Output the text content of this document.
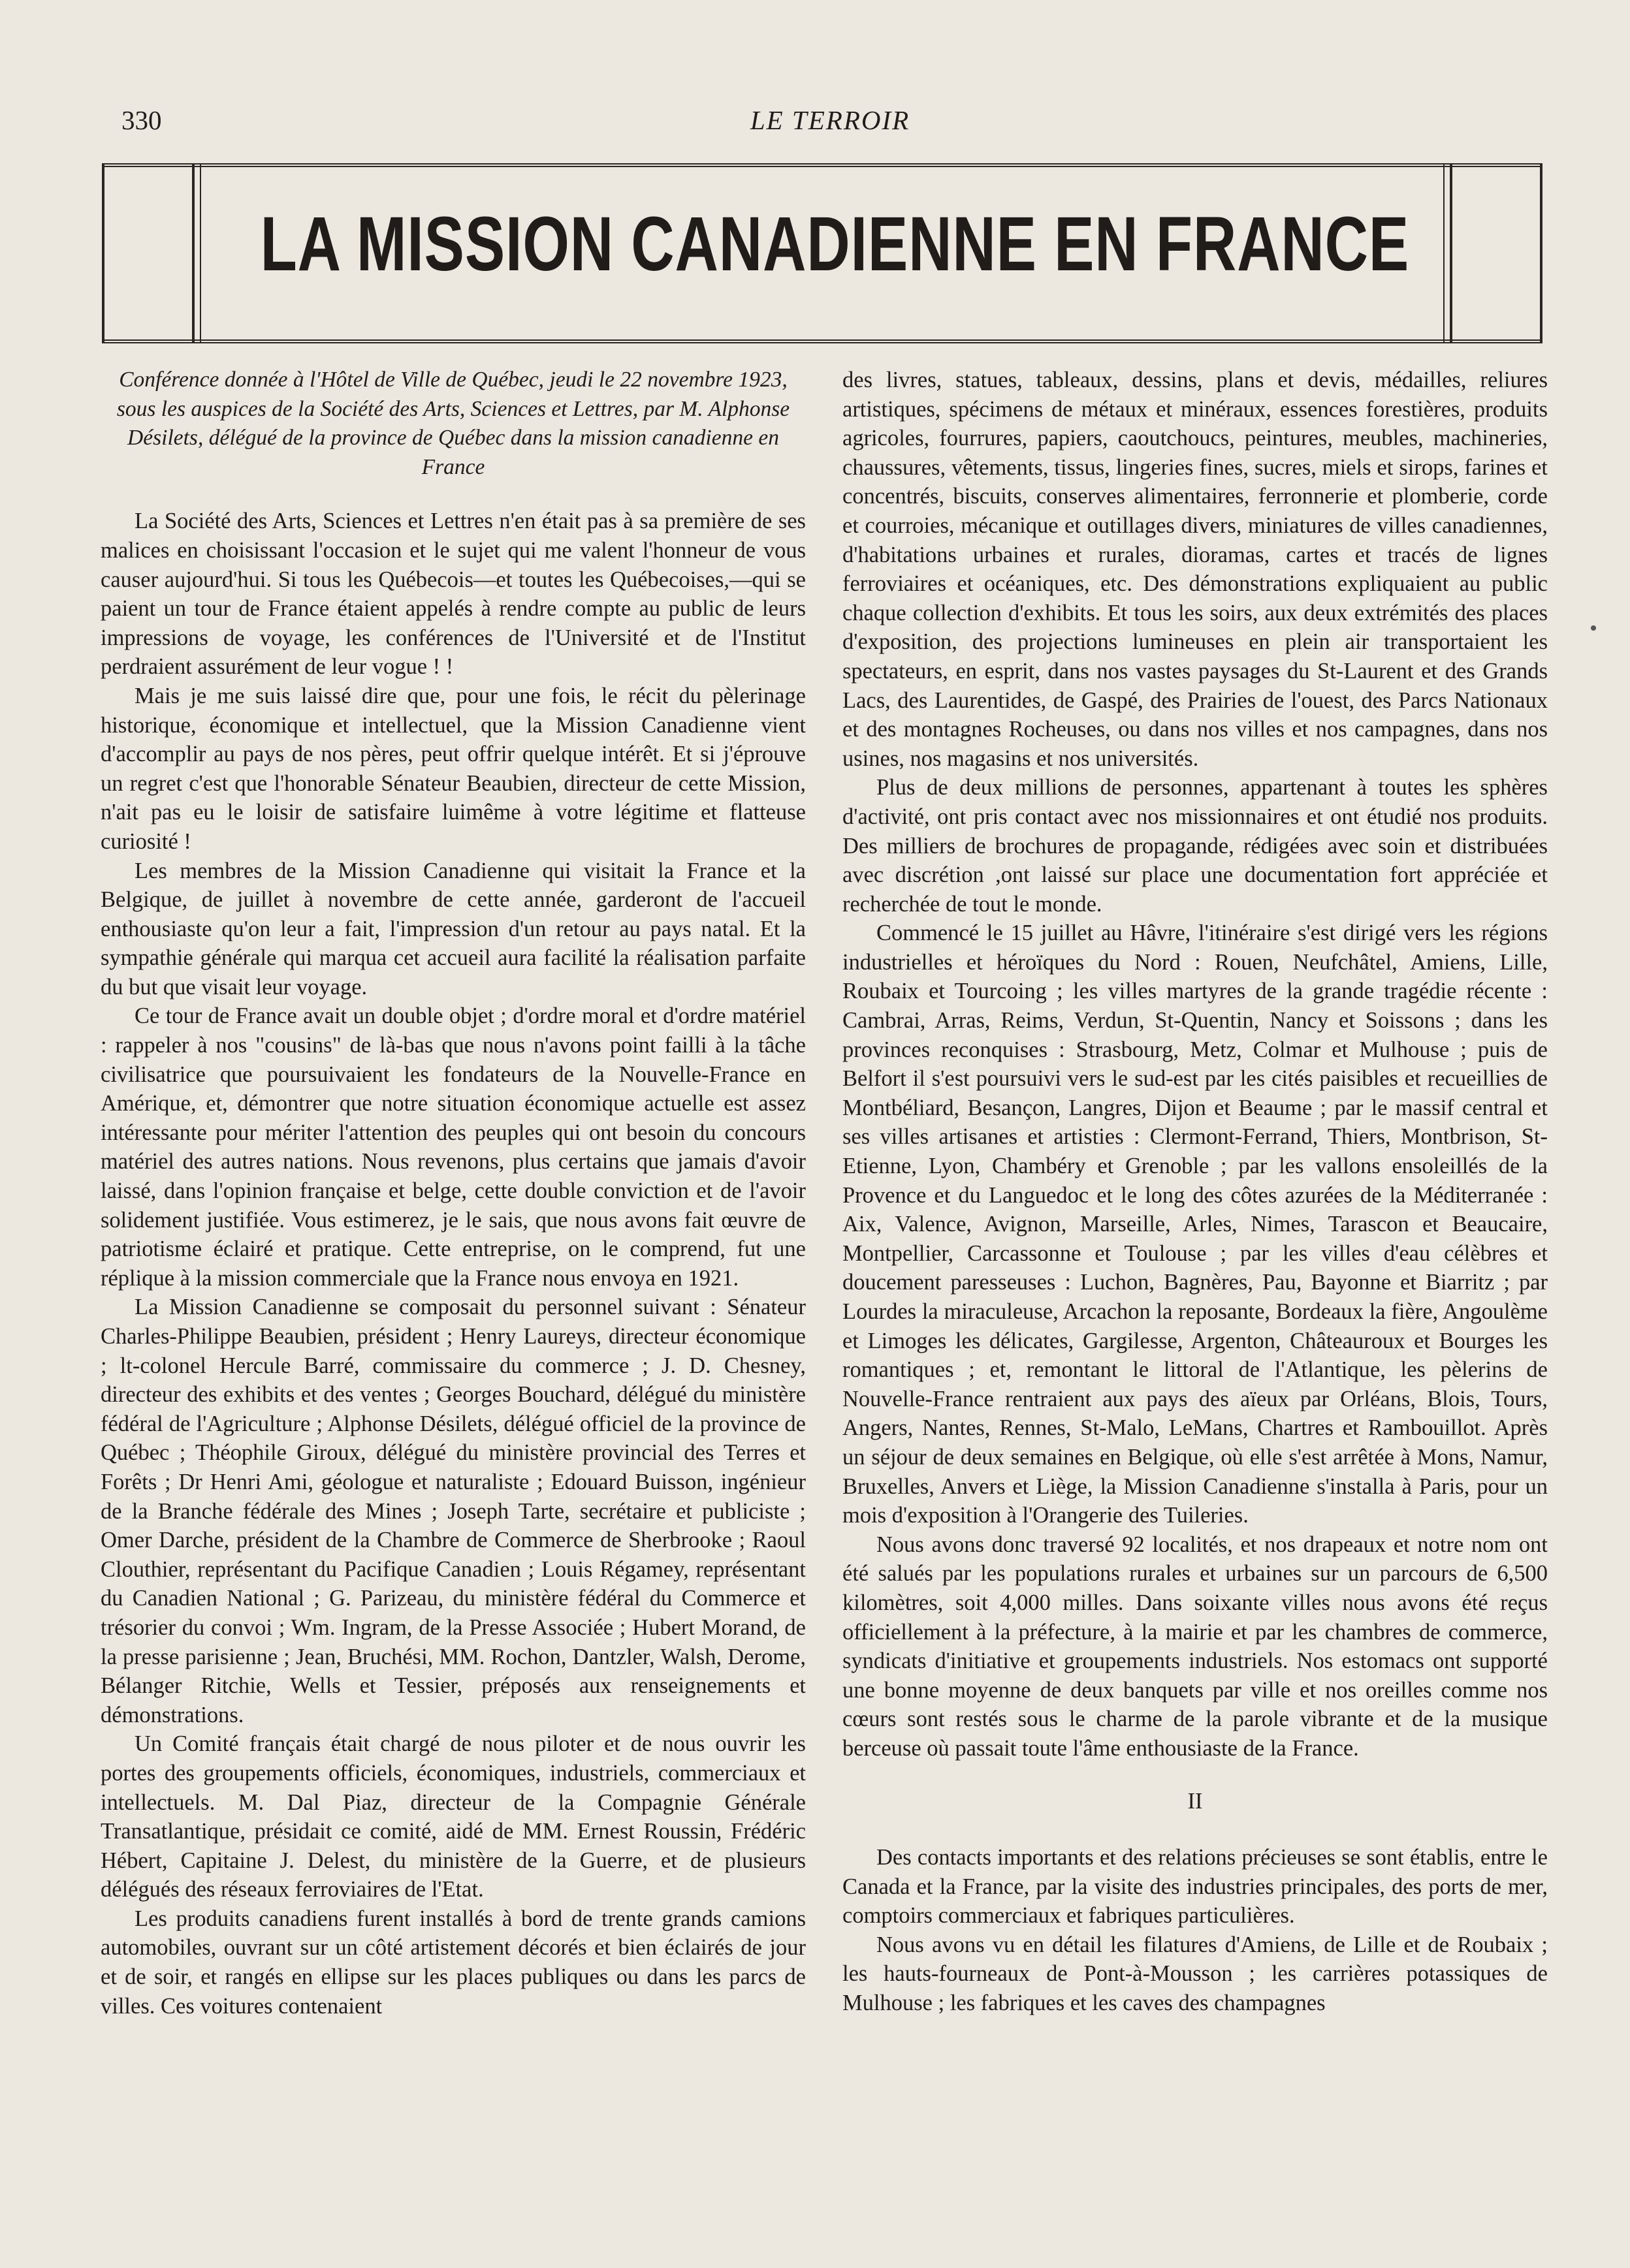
330	LE TERROIR
LA MISSION CANADIENNE EN FRANCE
Conférence donnée à l'Hôtel de Ville de Québec, jeudi le 22 novembre 1923, sous les auspices de la Société des Arts, Sciences et Lettres, par M. Alphonse Désilets, délégué de la province de Québec dans la mission canadienne en France

La Société des Arts, Sciences et Lettres n'en était pas à sa première de ses malices en choisissant l'occasion et le sujet qui me valent l'honneur de vous causer aujourd'hui. Si tous les Québecois—et toutes les Québecoises,—qui se paient un tour de France étaient appelés à rendre compte au public de leurs impressions de voyage, les conférences de l'Université et de l'Institut perdraient assurément de leur vogue ! !

Mais je me suis laissé dire que, pour une fois, le récit du pèlerinage historique, économique et intellectuel, que la Mission Canadienne vient d'accomplir au pays de nos pères, peut offrir quelque intérêt. Et si j'éprouve un regret c'est que l'honorable Sénateur Beaubien, directeur de cette Mission, n'ait pas eu le loisir de satisfaire luimême à votre légitime et flatteuse curiosité !

Les membres de la Mission Canadienne qui visitait la France et la Belgique, de juillet à novembre de cette année, garderont de l'accueil enthousiaste qu'on leur a fait, l'impression d'un retour au pays natal. Et la sympathie générale qui marqua cet accueil aura facilité la réalisation parfaite du but que visait leur voyage.

Ce tour de France avait un double objet ; d'ordre moral et d'ordre matériel : rappeler à nos "cousins" de là-bas que nous n'avons point failli à la tâche civilisatrice que poursuivaient les fondateurs de la Nouvelle-France en Amérique, et, démontrer que notre situation économique actuelle est assez intéressante pour mériter l'attention des peuples qui ont besoin du concours matériel des autres nations. Nous revenons, plus certains que jamais d'avoir laissé, dans l'opinion française et belge, cette double conviction et de l'avoir solidement justifiée. Vous estimerez, je le sais, que nous avons fait œuvre de patriotisme éclairé et pratique. Cette entreprise, on le comprend, fut une réplique à la mission commerciale que la France nous envoya en 1921.

La Mission Canadienne se composait du personnel suivant : Sénateur Charles-Philippe Beaubien, président ; Henry Laureys, directeur économique ; lt-colonel Hercule Barré, commissaire du commerce ; J. D. Chesney, directeur des exhibits et des ventes ; Georges Bouchard, délégué du ministère fédéral de l'Agriculture ; Alphonse Désilets, délégué officiel de la province de Québec ; Théophile Giroux, délégué du ministère provincial des Terres et Forêts ; Dr Henri Ami, géologue et naturaliste ; Edouard Buisson, ingénieur de la Branche fédérale des Mines ; Joseph Tarte, secrétaire et publiciste ; Omer Darche, président de la Chambre de Commerce de Sherbrooke ; Raoul Clouthier, représentant du Pacifique Canadien ; Louis Régamey, représentant du Canadien National ; G. Parizeau, du ministère fédéral du Commerce et trésorier du convoi ; Wm. Ingram, de la Presse Associée ; Hubert Morand, de la presse parisienne ; Jean, Bruchési, MM. Rochon, Dantzler, Walsh, Derome, Bélanger Ritchie, Wells et Tessier, préposés aux renseignements et démonstrations.

Un Comité français était chargé de nous piloter et de nous ouvrir les portes des groupements officiels, économiques, industriels, commerciaux et intellectuels. M. Dal Piaz, directeur de la Compagnie Générale Transatlantique, présidait ce comité, aidé de MM. Ernest Roussin, Frédéric Hébert, Capitaine J. Delest, du ministère de la Guerre, et de plusieurs délégués des réseaux ferroviaires de l'Etat.

Les produits canadiens furent installés à bord de trente grands camions automobiles, ouvrant sur un côté artistement décorés et bien éclairés de jour et de soir, et rangés en ellipse sur les places publiques ou dans les parcs de villes. Ces voitures contenaient

des livres, statues, tableaux, dessins, plans et devis, médailles, reliures artistiques, spécimens de métaux et minéraux, essences forestières, produits agricoles, fourrures, papiers, caoutchoucs, peintures, meubles, machineries, chaussures, vêtements, tissus, lingeries fines, sucres, miels et sirops, farines et concentrés, biscuits, conserves alimentaires, ferronnerie et plomberie, corde et courroies, mécanique et outillages divers, miniatures de villes canadiennes, d'habitations urbaines et rurales, dioramas, cartes et tracés de lignes ferroviaires et océaniques, etc. Des démonstrations expliquaient au public chaque collection d'exhibits. Et tous les soirs, aux deux extrémités des places d'exposition, des projections lumineuses en plein air transportaient les spectateurs, en esprit, dans nos vastes paysages du St-Laurent et des Grands Lacs, des Laurentides, de Gaspé, des Prairies de l'ouest, des Parcs Nationaux et des montagnes Rocheuses, ou dans nos villes et nos campagnes, dans nos usines, nos magasins et nos universités.

Plus de deux millions de personnes, appartenant à toutes les sphères d'activité, ont pris contact avec nos missionnaires et ont étudié nos produits. Des milliers de brochures de propagande, rédigées avec soin et distribuées avec discrétion ,ont laissé sur place une documentation fort appréciée et recherchée de tout le monde.

Commencé le 15 juillet au Hâvre, l'itinéraire s'est dirigé vers les régions industrielles et héroïques du Nord : Rouen, Neufchâtel, Amiens, Lille, Roubaix et Tourcoing ; les villes martyres de la grande tragédie récente : Cambrai, Arras, Reims, Verdun, St-Quentin, Nancy et Soissons ; dans les provinces reconquises : Strasbourg, Metz, Colmar et Mulhouse ; puis de Belfort il s'est poursuivi vers le sud-est par les cités paisibles et recueillies de Montbéliard, Besançon, Langres, Dijon et Beaume ; par le massif central et ses villes artisanes et artisties : Clermont-Ferrand, Thiers, Montbrison, St-Etienne, Lyon, Chambéry et Grenoble ; par les vallons ensoleillés de la Provence et du Languedoc et le long des côtes azurées de la Méditerranée : Aix, Valence, Avignon, Marseille, Arles, Nimes, Tarascon et Beaucaire, Montpellier, Carcassonne et Toulouse ; par les villes d'eau célèbres et doucement paresseuses : Luchon, Bagnères, Pau, Bayonne et Biarritz ; par Lourdes la miraculeuse, Arcachon la reposante, Bordeaux la fière, Angoulème et Limoges les délicates, Gargilesse, Argenton, Châteauroux et Bourges les romantiques ; et, remontant le littoral de l'Atlantique, les pèlerins de Nouvelle-France rentraient aux pays des aïeux par Orléans, Blois, Tours, Angers, Nantes, Rennes, St-Malo, LeMans, Chartres et Rambouillot. Après un séjour de deux semaines en Belgique, où elle s'est arrêtée à Mons, Namur, Bruxelles, Anvers et Liège, la Mission Canadienne s'installa à Paris, pour un mois d'exposition à l'Orangerie des Tuileries.

Nous avons donc traversé 92 localités, et nos drapeaux et notre nom ont été salués par les populations rurales et urbaines sur un parcours de 6,500 kilomètres, soit 4,000 milles. Dans soixante villes nous avons été reçus officiellement à la préfecture, à la mairie et par les chambres de commerce, syndicats d'initiative et groupements industriels. Nos estomacs ont supporté une bonne moyenne de deux banquets par ville et nos oreilles comme nos cœurs sont restés sous le charme de la parole vibrante et de la musique berceuse où passait toute l'âme enthousiaste de la France.

II

Des contacts importants et des relations précieuses se sont établis, entre le Canada et la France, par la visite des industries principales, des ports de mer, comptoirs commerciaux et fabriques particulières.

Nous avons vu en détail les filatures d'Amiens, de Lille et de Roubaix ; les hauts-fourneaux de Pont-à-Mousson ; les carrières potassiques de Mulhouse ; les fabriques et les caves des champagnes
